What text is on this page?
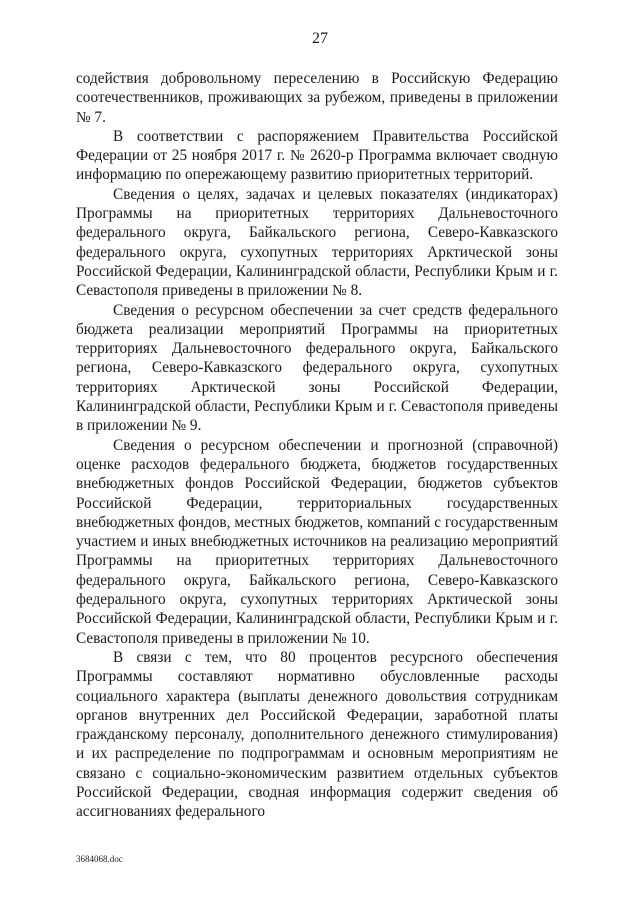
27

содействия добровольному переселению в Российскую Федерацию соотечественников, проживающих за рубежом, приведены в приложении № 7.

В соответствии с распоряжением Правительства Российской Федерации от 25 ноября 2017 г. № 2620-р Программа включает сводную информацию по опережающему развитию приоритетных территорий.

Сведения о целях, задачах и целевых показателях (индикаторах) Программы на приоритетных территориях Дальневосточного федерального округа, Байкальского региона, Северо-Кавказского федерального округа, сухопутных территориях Арктической зоны Российской Федерации, Калининградской области, Республики Крым и г. Севастополя приведены в приложении № 8.

Сведения о ресурсном обеспечении за счет средств федерального бюджета реализации мероприятий Программы на приоритетных территориях Дальневосточного федерального округа, Байкальского региона, Северо-Кавказского федерального округа, сухопутных территориях Арктической зоны Российской Федерации, Калининградской области, Республики Крым и г. Севастополя приведены в приложении № 9.

Сведения о ресурсном обеспечении и прогнозной (справочной) оценке расходов федерального бюджета, бюджетов государственных внебюджетных фондов Российской Федерации, бюджетов субъектов Российской Федерации, территориальных государственных внебюджетных фондов, местных бюджетов, компаний с государственным участием и иных внебюджетных источников на реализацию мероприятий Программы на приоритетных территориях Дальневосточного федерального округа, Байкальского региона, Северо-Кавказского федерального округа, сухопутных территориях Арктической зоны Российской Федерации, Калининградской области, Республики Крым и г. Севастополя приведены в приложении № 10.

В связи с тем, что 80 процентов ресурсного обеспечения Программы составляют нормативно обусловленные расходы социального характера (выплаты денежного довольствия сотрудникам органов внутренних дел Российской Федерации, заработной платы гражданскому персоналу, дополнительного денежного стимулирования) и их распределение по подпрограммам и основным мероприятиям не связано с социально-экономическим развитием отдельных субъектов Российской Федерации, сводная информация содержит сведения об ассигнованиях федерального

3684068.doc
